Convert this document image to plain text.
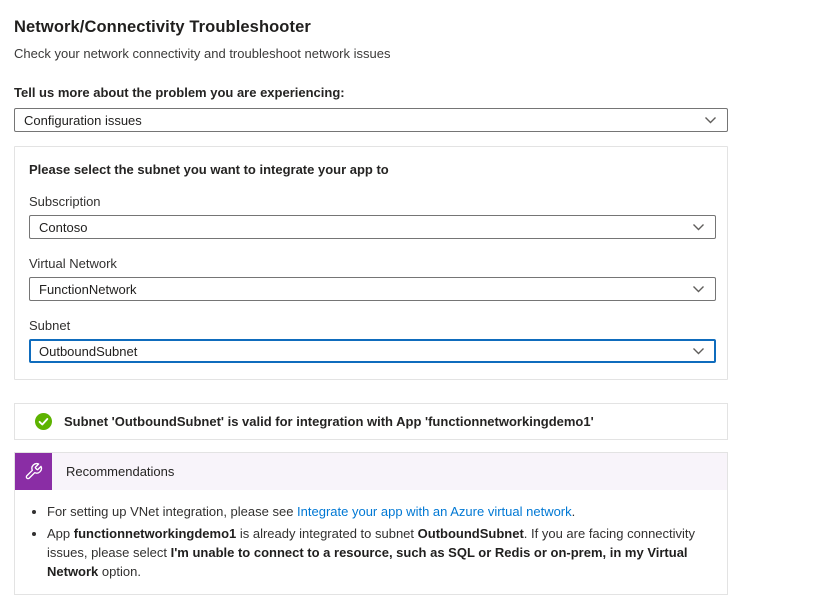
Network/Connectivity Troubleshooter
Check your network connectivity and troubleshoot network issues
Tell us more about the problem you are experiencing:
Configuration issues
Please select the subnet you want to integrate your app to
Subscription
Contoso
Virtual Network
FunctionNetwork
Subnet
OutboundSubnet
Subnet 'OutboundSubnet' is valid for integration with App 'functionnetworkingdemo1'
Recommendations
• For setting up VNet integration, please see Integrate your app with an Azure virtual network.
• App functionnetworkingdemo1 is already integrated to subnet OutboundSubnet. If you are facing connectivity issues, please select I'm unable to connect to a resource, such as SQL or Redis or on-prem, in my Virtual Network option.
